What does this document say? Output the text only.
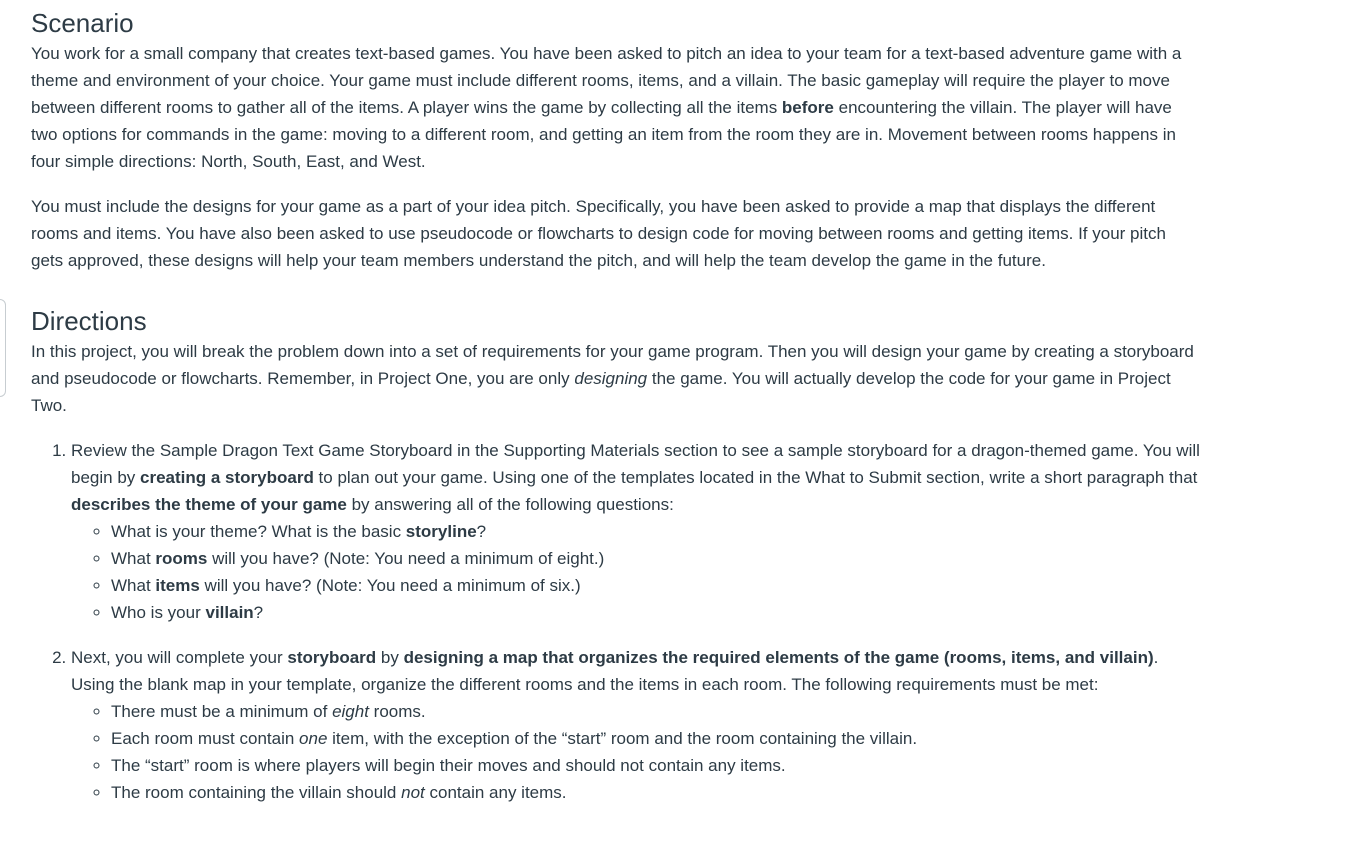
Scenario

You work for a small company that creates text-based games. You have been asked to pitch an idea to your team for a text-based adventure game with a theme and environment of your choice. Your game must include different rooms, items, and a villain. The basic gameplay will require the player to move between different rooms to gather all of the items. A player wins the game by collecting all the items before encountering the villain. The player will have two options for commands in the game: moving to a different room, and getting an item from the room they are in. Movement between rooms happens in four simple directions: North, South, East, and West.

You must include the designs for your game as a part of your idea pitch. Specifically, you have been asked to provide a map that displays the different rooms and items. You have also been asked to use pseudocode or flowcharts to design code for moving between rooms and getting items. If your pitch gets approved, these designs will help your team members understand the pitch, and will help the team develop the game in the future.

Directions

In this project, you will break the problem down into a set of requirements for your game program. Then you will design your game by creating a storyboard and pseudocode or flowcharts. Remember, in Project One, you are only designing the game. You will actually develop the code for your game in Project Two.

1. Review the Sample Dragon Text Game Storyboard in the Supporting Materials section to see a sample storyboard for a dragon-themed game. You will begin by creating a storyboard to plan out your game. Using one of the templates located in the What to Submit section, write a short paragraph that describes the theme of your game by answering all of the following questions:
◦ What is your theme? What is the basic storyline?
◦ What rooms will you have? (Note: You need a minimum of eight.)
◦ What items will you have? (Note: You need a minimum of six.)
◦ Who is your villain?
2. Next, you will complete your storyboard by designing a map that organizes the required elements of the game (rooms, items, and villain). Using the blank map in your template, organize the different rooms and the items in each room. The following requirements must be met:
◦ There must be a minimum of eight rooms.
◦ Each room must contain one item, with the exception of the “start” room and the room containing the villain.
◦ The “start” room is where players will begin their moves and should not contain any items.
◦ The room containing the villain should not contain any items.
